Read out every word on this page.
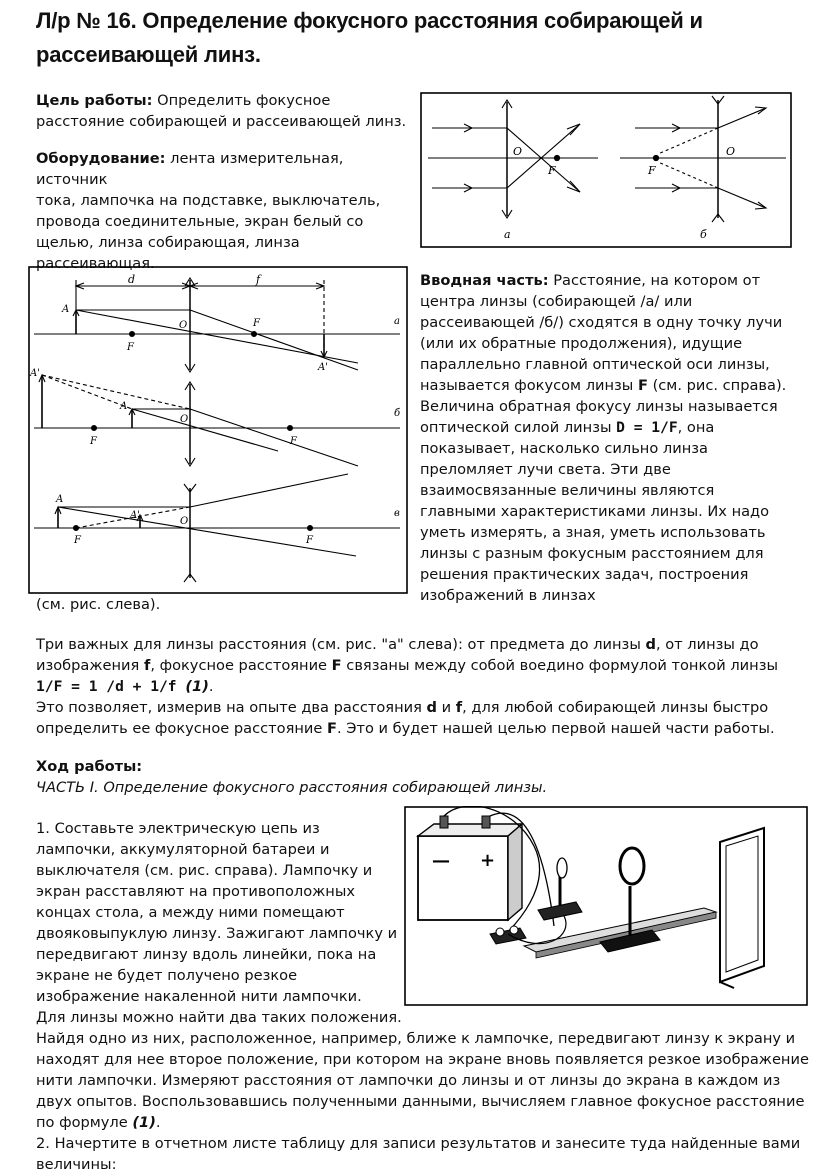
Л/р № 16. Определение фокусного расстояния собирающей и
рассеивающей линз.
Цель работы: Определить фокусное
расстояние собирающей и рассеивающей линз.
Оборудование: лента измерительная, источник
тока, лампочка на подставке, выключатель,
провода соединительные, экран белый со
щелью, линза собирающая, линза
рассеивающая.
O
F
а
O
F
б
d	f
A
O
F
F
A'
а
A'
A
O
F	F
б
A
A'
O
F	F
в
Вводная часть: Расстояние, на котором от
центра линзы (собирающей /а/ или
рассеивающей /б/) сходятся в одну точку лучи
(или их обратные продолжения), идущие
параллельно главной оптической оси линзы,
называется фокусом линзы F (см. рис. справа).
Величина обратная фокусу линзы называется
оптической силой линзы D = 1/F, она
показывает, насколько сильно линза
преломляет лучи света. Эти две
взаимосвязанные величины являются
главными характеристиками линзы. Их надо
уметь измерять, а зная, уметь использовать
линзы с разным фокусным расстоянием для
решения практических задач, построения
изображений в линзах
(см. рис. слева).
Три важных для линзы расстояния (см. рис. "а" слева): от предмета до линзы d, от линзы до
изображения f, фокусное расстояние F связаны между собой воедино формулой тонкой линзы
1/F = 1 /d + 1/f (1).
Это позволяет, измерив на опыте два расстояния d и f, для любой собирающей линзы быстро
определить ее фокусное расстояние F. Это и будет нашей целью первой нашей части работы.
Ход работы:
ЧАСТЬ I. Определение фокусного расстояния собирающей линзы.
1. Составьте электрическую цепь из
лампочки, аккумуляторной батареи и
выключателя (см. рис. справа). Лампочку и
экран расставляют на противоположных
концах стола, а между ними помещают
двояковыпуклую линзу. Зажигают лампочку и
передвигают линзу вдоль линейки, пока на
экране не будет получено резкое
изображение накаленной нити лампочки.
Для линзы можно найти два таких положения.
Найдя одно из них, расположенное, например, ближе к лампочке, передвигают линзу к экрану и
находят для нее второе положение, при котором на экране вновь появляется резкое изображение
нити лампочки. Измеряют расстояния от лампочки до линзы и от линзы до экрана в каждом из
двух опытов. Воспользовавшись полученными данными, вычисляем главное фокусное расстояние
по формуле (1).
2. Начертите в отчетном листе таблицу для записи результатов и занесите туда найденные вами
величины:
— +
